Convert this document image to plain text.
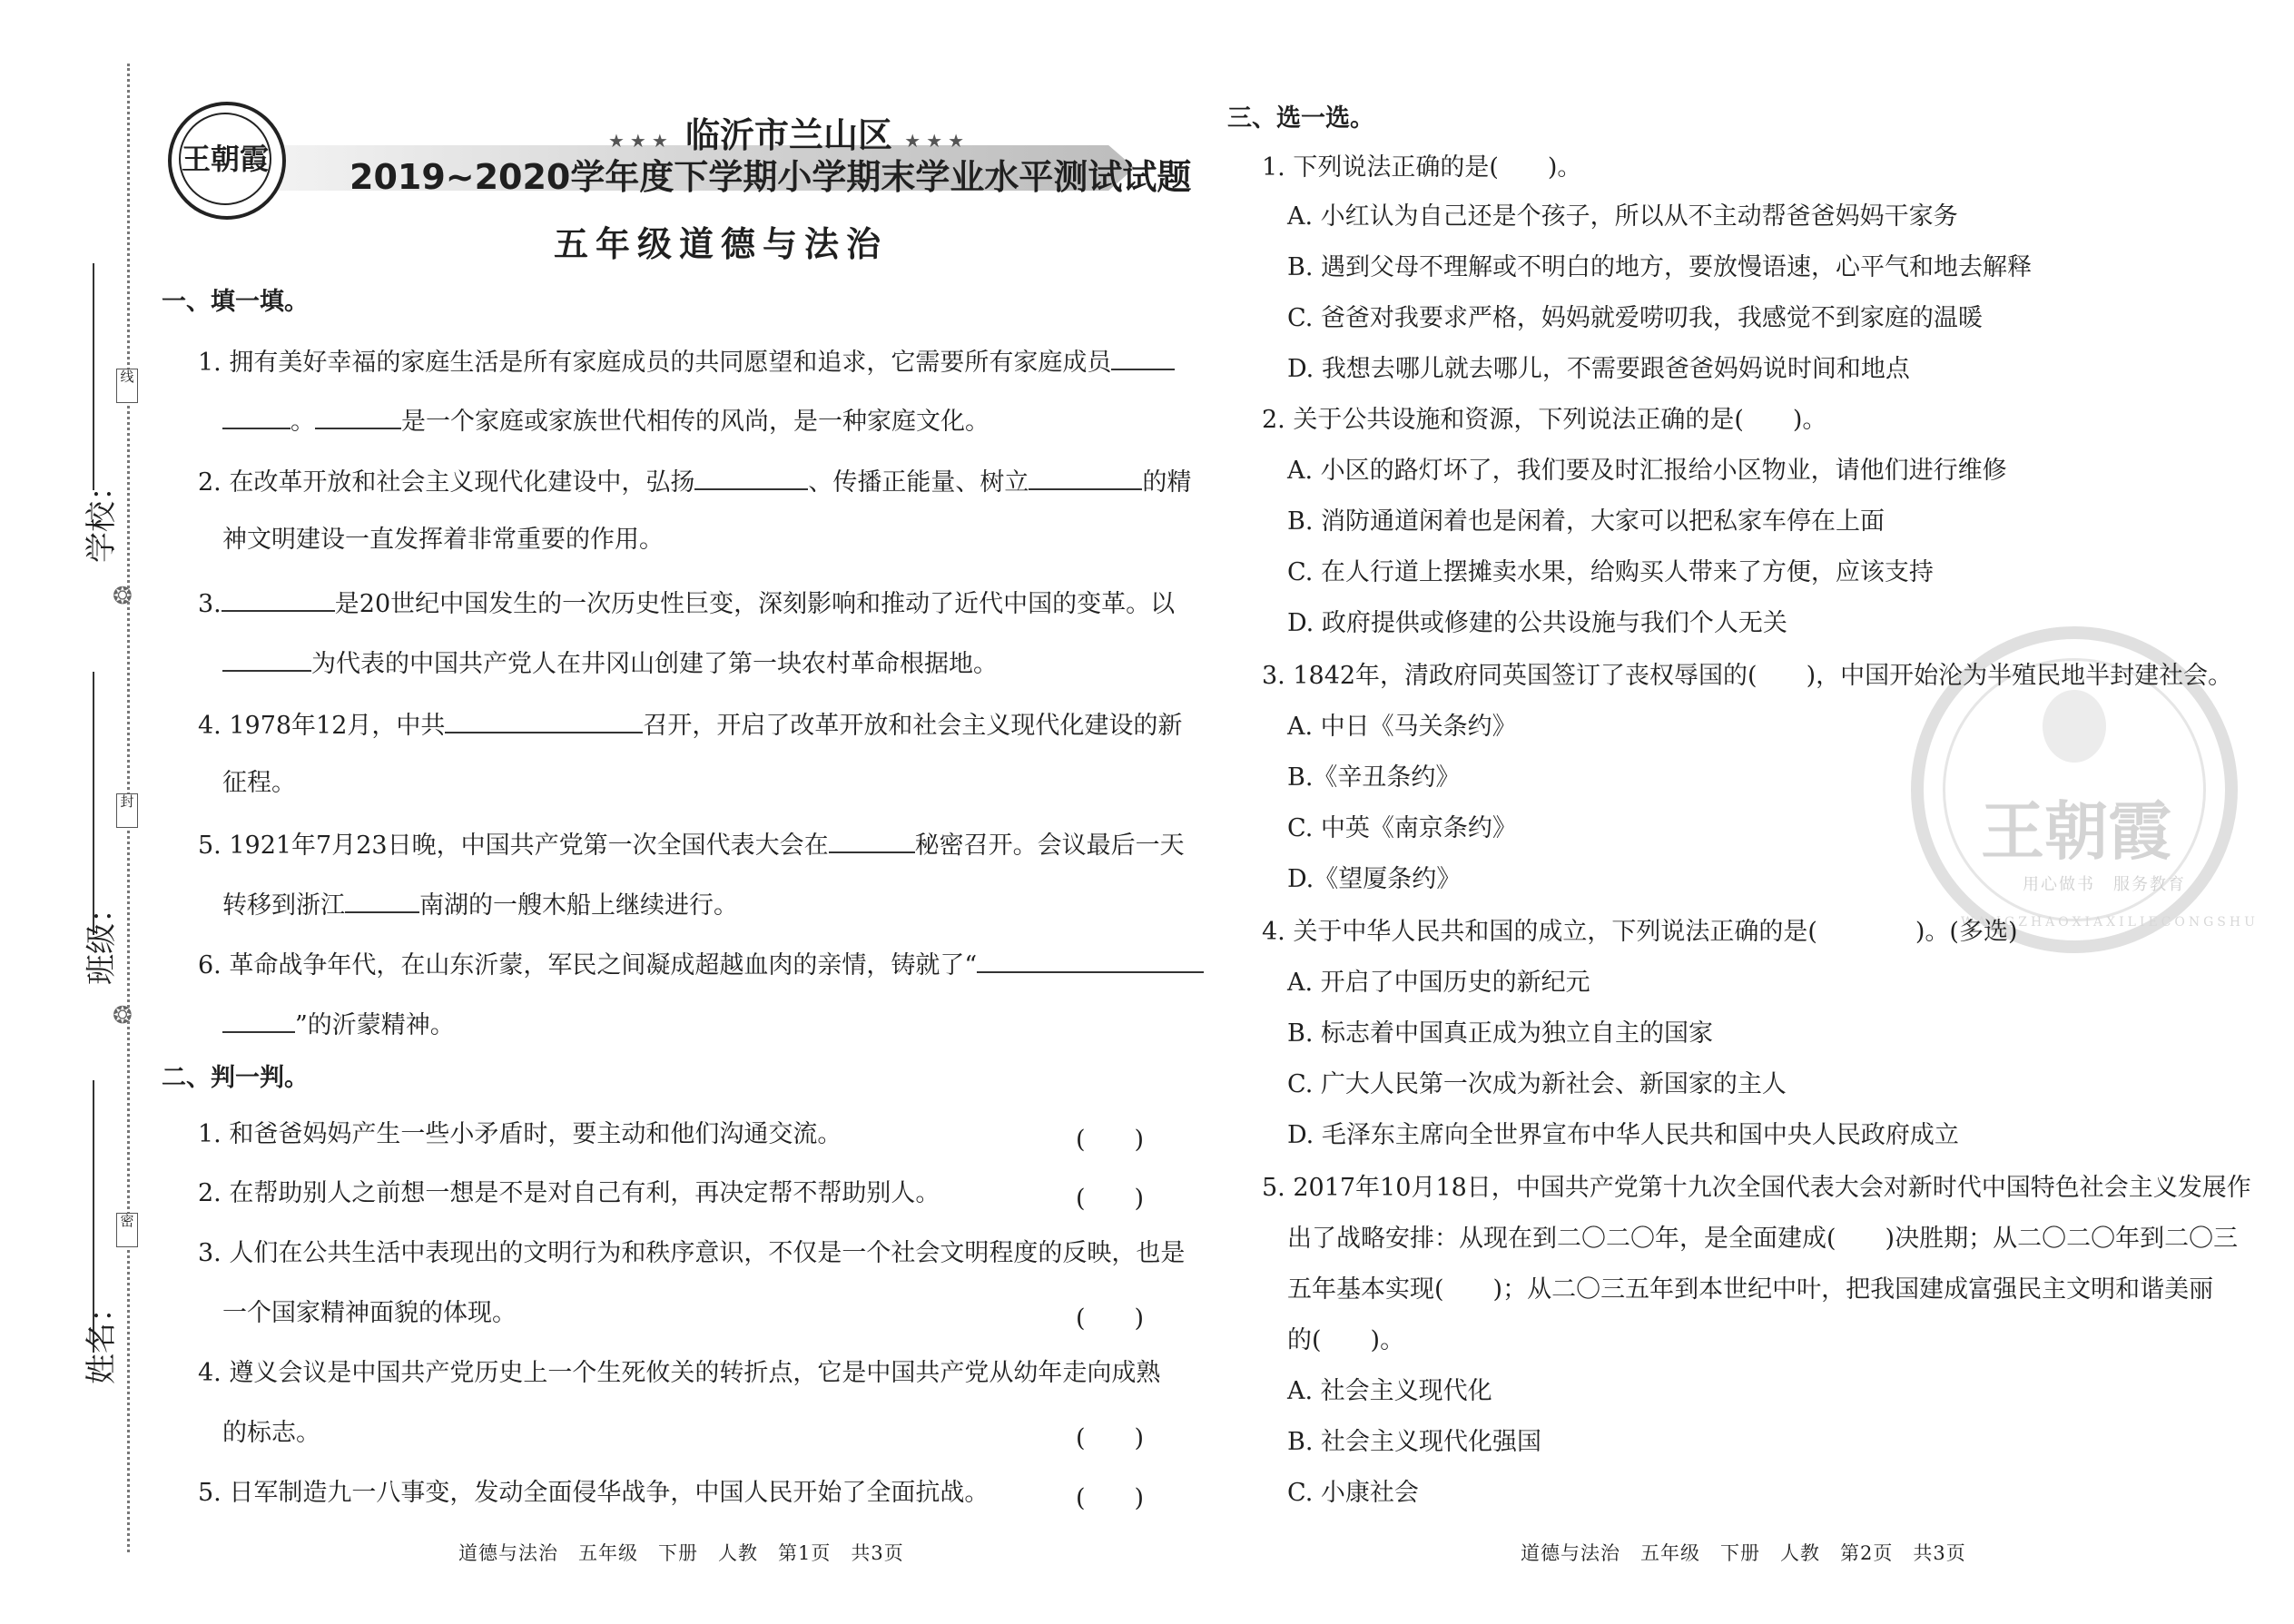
学校：
班级：
姓名：
线
❂
封
❂
密
王朝霞
★★★ 临沂市兰山区 ★★★
2019~2020学年度下学期小学期末学业水平测试试题
五年级道德与法治
一、填一填。
1. 拥有美好幸福的家庭生活是所有家庭成员的共同愿望和追求，它需要所有家庭成员
。	是一个家庭或家族世代相传的风尚，是一种家庭文化。
2. 在改革开放和社会主义现代化建设中，弘扬	、传播正能量、树立	的精
神文明建设一直发挥着非常重要的作用。
3.	是20世纪中国发生的一次历史性巨变，深刻影响和推动了近代中国的变革。以
为代表的中国共产党人在井冈山创建了第一块农村革命根据地。
4. 1978年12月，中共	召开，开启了改革开放和社会主义现代化建设的新
征程。
5. 1921年7月23日晚，中国共产党第一次全国代表大会在	秘密召开。会议最后一天
转移到浙江	南湖的一艘木船上继续进行。
6. 革命战争年代，在山东沂蒙，军民之间凝成超越血肉的亲情，铸就了“
”的沂蒙精神。
二、判一判。
1. 和爸爸妈妈产生一些小矛盾时，要主动和他们沟通交流。	(　　)
2. 在帮助别人之前想一想是不是对自己有利，再决定帮不帮助别人。	(　　)
3. 人们在公共生活中表现出的文明行为和秩序意识，不仅是一个社会文明程度的反映，也是
一个国家精神面貌的体现。	(　　)
4. 遵义会议是中国共产党历史上一个生死攸关的转折点，它是中国共产党从幼年走向成熟
的标志。	(　　)
5. 日军制造九一八事变，发动全面侵华战争，中国人民开始了全面抗战。	(　　)
道德与法治　五年级　下册　人教　第1页　共3页
王朝霞
用心做书　服务教育
WANGZHAOXIAXILIECONGSHU
三、选一选。
1. 下列说法正确的是(　　)。
A. 小红认为自己还是个孩子，所以从不主动帮爸爸妈妈干家务
B. 遇到父母不理解或不明白的地方，要放慢语速，心平气和地去解释
C. 爸爸对我要求严格，妈妈就爱唠叨我，我感觉不到家庭的温暖
D. 我想去哪儿就去哪儿，不需要跟爸爸妈妈说时间和地点
2. 关于公共设施和资源，下列说法正确的是(　　)。
A. 小区的路灯坏了，我们要及时汇报给小区物业，请他们进行维修
B. 消防通道闲着也是闲着，大家可以把私家车停在上面
C. 在人行道上摆摊卖水果，给购买人带来了方便，应该支持
D. 政府提供或修建的公共设施与我们个人无关
3. 1842年，清政府同英国签订了丧权辱国的(　　)，中国开始沦为半殖民地半封建社会。
A. 中日《马关条约》
B.《辛丑条约》
C. 中英《南京条约》
D.《望厦条约》
4. 关于中华人民共和国的成立，下列说法正确的是(　　　　)。(多选)
A. 开启了中国历史的新纪元
B. 标志着中国真正成为独立自主的国家
C. 广大人民第一次成为新社会、新国家的主人
D. 毛泽东主席向全世界宣布中华人民共和国中央人民政府成立
5. 2017年10月18日，中国共产党第十九次全国代表大会对新时代中国特色社会主义发展作
出了战略安排：从现在到二〇二〇年，是全面建成(　　)决胜期；从二〇二〇年到二〇三
五年基本实现(　　)；从二〇三五年到本世纪中叶，把我国建成富强民主文明和谐美丽
的(　　)。
A. 社会主义现代化
B. 社会主义现代化强国
C. 小康社会
道德与法治　五年级　下册　人教　第2页　共3页
